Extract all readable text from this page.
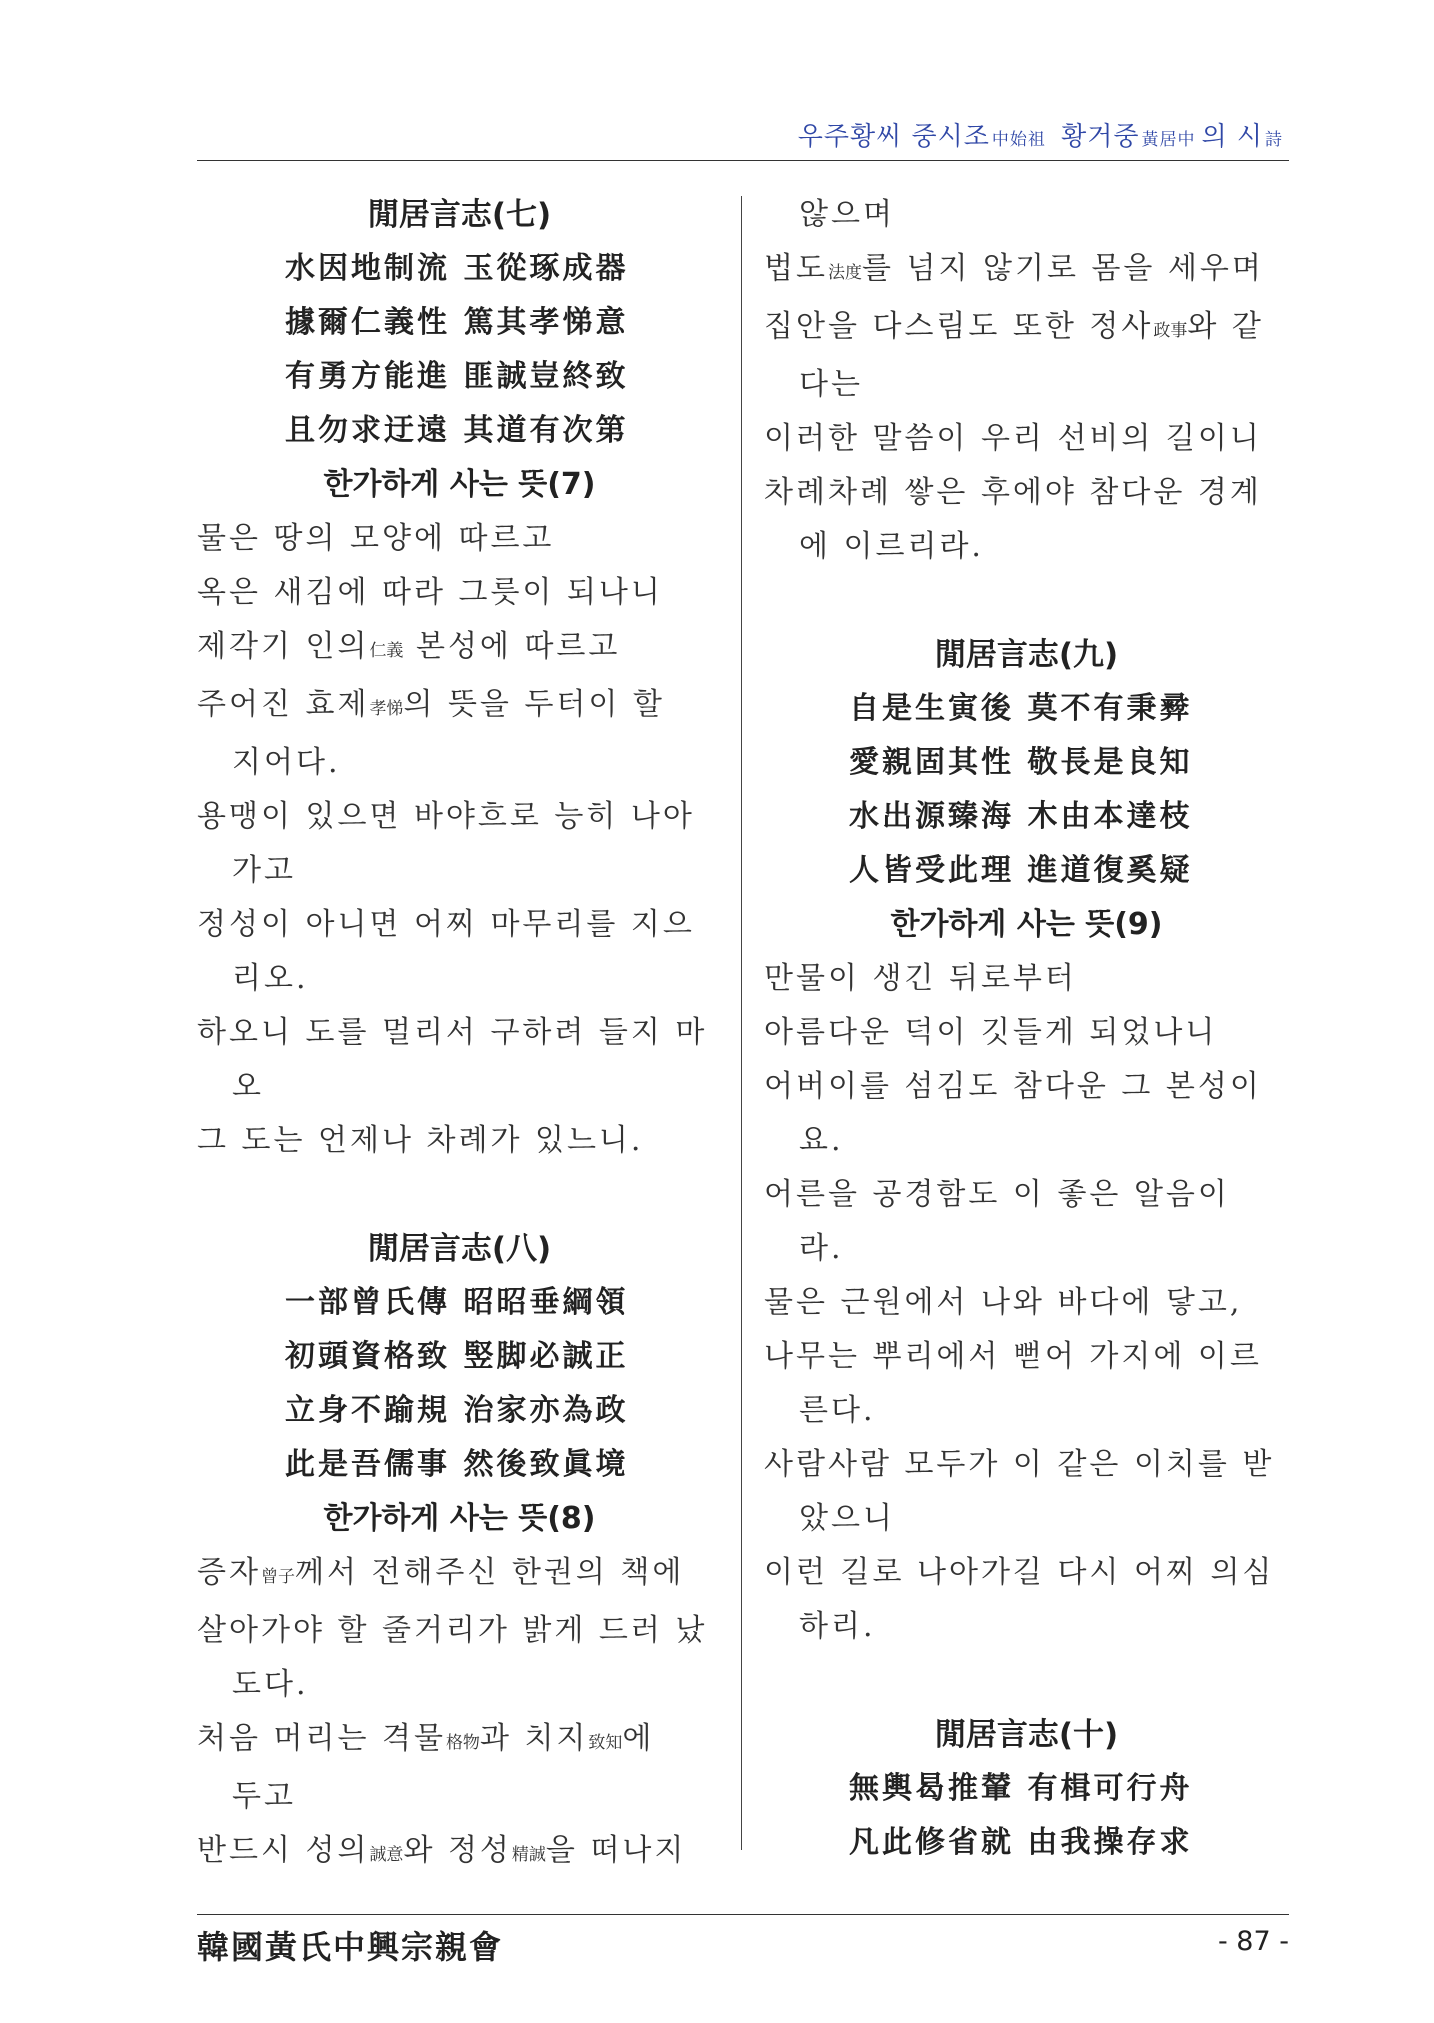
우주황씨 중시조 中始祖 황거중 黃居中 의 시 詩
閒居言志(七)
水因地制流 玉從琢成器
據爾仁義性 篤其孝悌意
有勇方能進 匪誠豈終致
且勿求迂遠 其道有次第
한가하게 사는 뜻(7)
물은 땅의 모양에 따르고
옥은 새김에 따라 그릇이 되나니
제각기 인의仁義 본성에 따르고
주어진 효제孝悌의 뜻을 두터이 할
지어다.
용맹이 있으면 바야흐로 능히 나아
가고
정성이 아니면 어찌 마무리를 지으
리오.
하오니 도를 멀리서 구하려 들지 마
오
그 도는 언제나 차례가 있느니.
閒居言志(八)
一部曾氏傳 昭昭垂綱領
初頭資格致 竪脚必誠正
立身不踰規 治家亦為政
此是吾儒事 然後致眞境
한가하게 사는 뜻(8)
증자曾子께서 전해주신 한권의 책에
살아가야 할 줄거리가 밝게 드러 났
도다.
처음 머리는 격물格物과 치지致知에
두고
반드시 성의誠意와 정성精誠을 떠나지
않으며
법도法度를 넘지 않기로 몸을 세우며
집안을 다스림도 또한 정사政事와 같
다는
이러한 말씀이 우리 선비의 길이니
차례차례 쌓은 후에야 참다운 경계
에 이르리라.
閒居言志(九)
自是生寅後 莫不有秉彛
愛親固其性 敬長是良知
水出源臻海 木由本達枝
人皆受此理 進道復奚疑
한가하게 사는 뜻(9)
만물이 생긴 뒤로부터
아름다운 덕이 깃들게 되었나니
어버이를 섬김도 참다운 그 본성이
요.
어른을 공경함도 이 좋은 알음이
라.
물은 근원에서 나와 바다에 닿고,
나무는 뿌리에서 뻗어 가지에 이르
른다.
사람사람 모두가 이 같은 이치를 받
았으니
이런 길로 나아가길 다시 어찌 의심
하리.
閒居言志(十)
無輿曷推輦 有楫可行舟
凡此修省就 由我操存求
韓國黃氏中興宗親會	- 87 -
